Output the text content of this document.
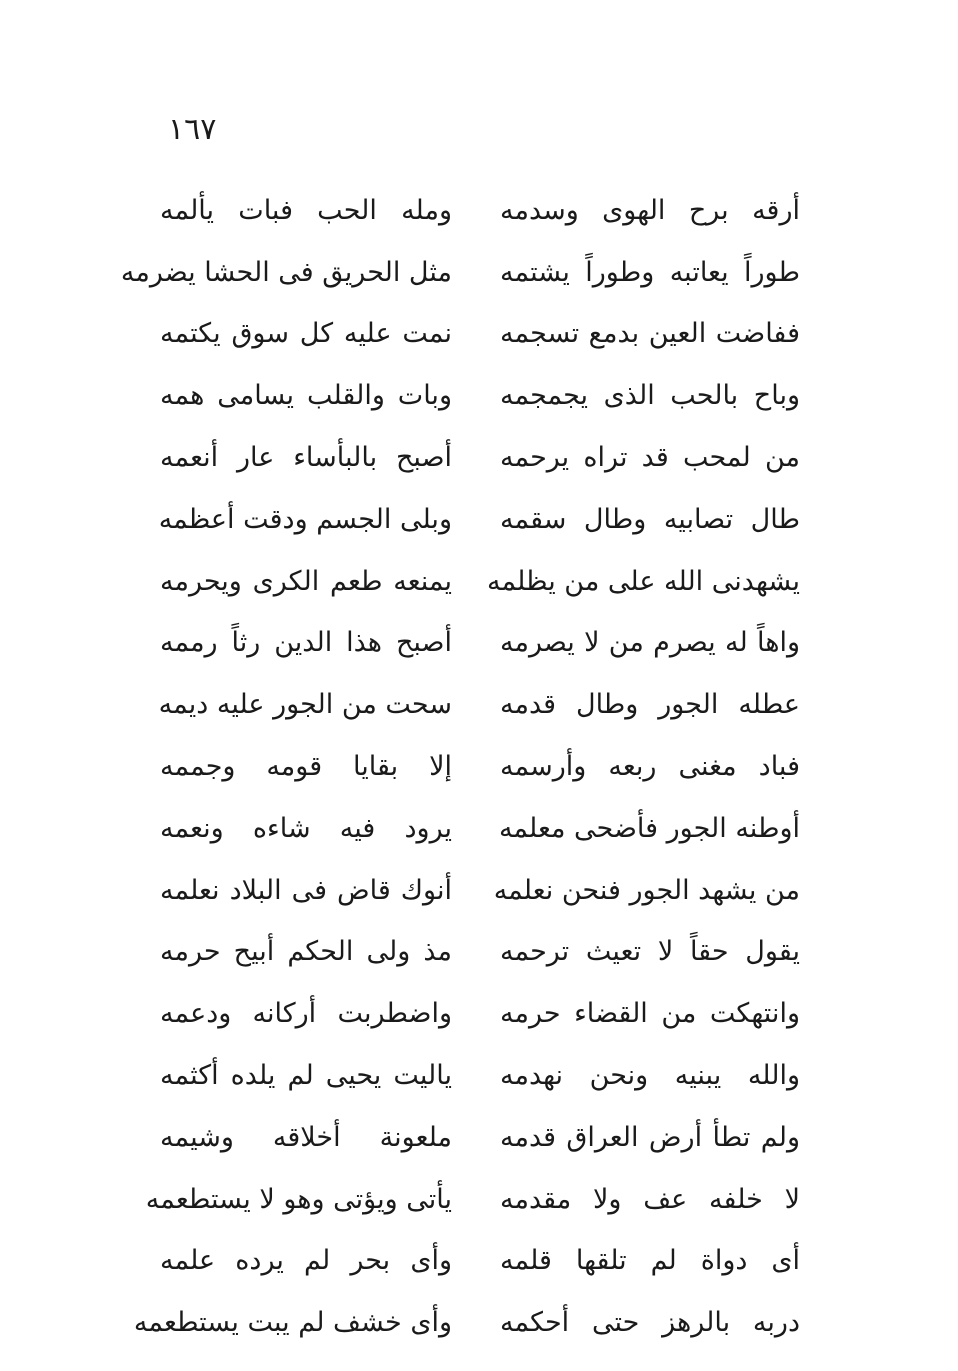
١٦٧
أرقه برح الهوى وسدمه
ومله الحب فبات يألمه
طوراً يعاتبه وطوراً يشتمه
مثل الحريق فى الحشا يضرمه
ففاضت العين بدمع تسجمه
نمت عليه كل سوق يكتمه
وباح بالحب الذى يجمجمه
وبات والقلب يسامى همه
من لمحب قد تراه يرحمه
أصبح بالبأساء عار أنعمه
طال تصابيه وطال سقمه
وبلى الجسم ودقت أعظمه
يشهدنى الله على من يظلمه
يمنعه طعم الكرى ويحرمه
واهاً له يصرم من لا يصرمه
أصبح هذا الدين رثاً رممه
عطله الجور وطال قدمه
سحت من الجور عليه ديمه
فباد مغنى ربعه وأرسمه
إلا بقايا قومه وجممه
أوطنه الجور فأضحى معلمه
يرود فيه شاءه ونعمه
من يشهد الجور فنحن نعلمه
أنوك قاض فى البلاد نعلمه
يقول حقاً لا تعيث ترحمه
مذ ولى الحكم أبيح حرمه
وانتهكت من القضاء حرمه
واضطربت أركانه ودعمه
والله يبنيه ونحن نهدمه
ياليت يحيى لم يلده أكثمه
ولم تطأ أرض العراق قدمه
ملعونة أخلاقه وشيمه
لا خلفه عف ولا مقدمه
يأتى ويؤتى وهو لا يستطعمه
أى دواة لم تلقها قلمه
وأى بحر لم يرده علمه
دربه بالرهز حتى أحكمه
وأى خشف لم يبت يستطعمه
